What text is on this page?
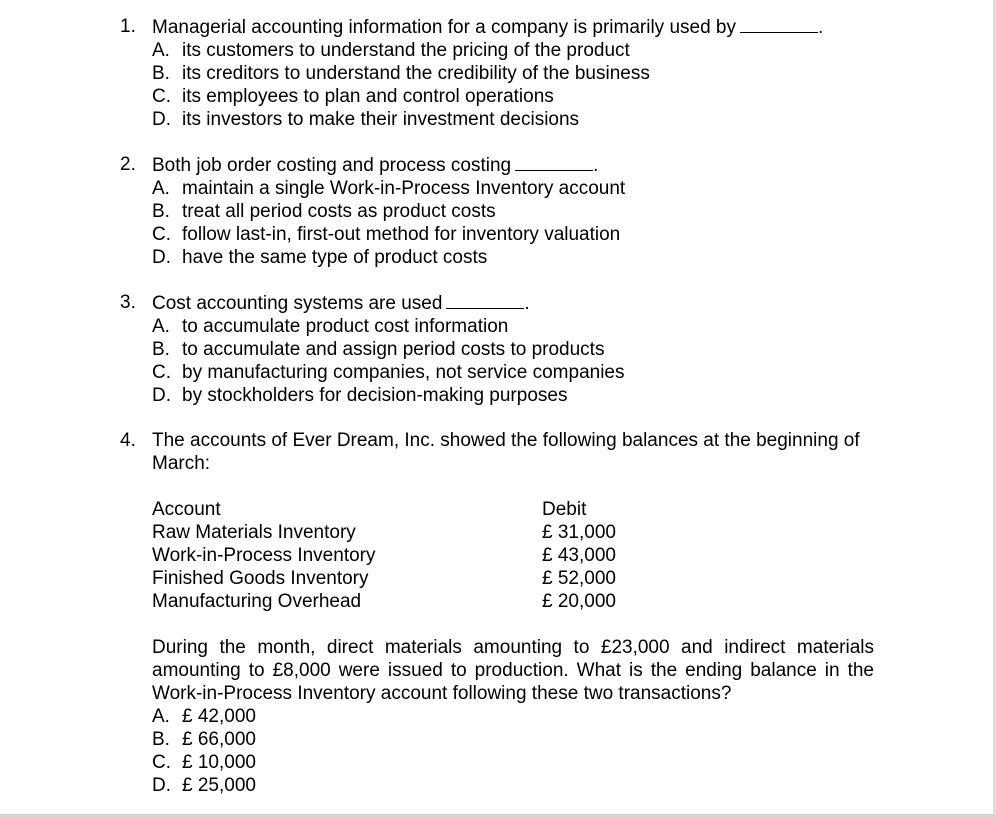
1. Managerial accounting information for a company is primarily used by	.
A. its customers to understand the pricing of the product
B. its creditors to understand the credibility of the business
C. its employees to plan and control operations
D. its investors to make their investment decisions
2. Both job order costing and process costing	.
A. maintain a single Work-in-Process Inventory account
B. treat all period costs as product costs
C. follow last-in, first-out method for inventory valuation
D. have the same type of product costs
3. Cost accounting systems are used	.
A. to accumulate product cost information
B. to accumulate and assign period costs to products
C. by manufacturing companies, not service companies
D. by stockholders for decision-making purposes
4. The accounts of Ever Dream, Inc. showed the following balances at the beginning of March:
Account	Debit
Raw Materials Inventory	£ 31,000
Work-in-Process Inventory	£ 43,000
Finished Goods Inventory	£ 52,000
Manufacturing Overhead	£ 20,000
During the month, direct materials amounting to £23,000 and indirect materials amounting to £8,000 were issued to production. What is the ending balance in the Work-in-Process Inventory account following these two transactions?
A. £ 42,000
B. £ 66,000
C. £ 10,000
D. £ 25,000
